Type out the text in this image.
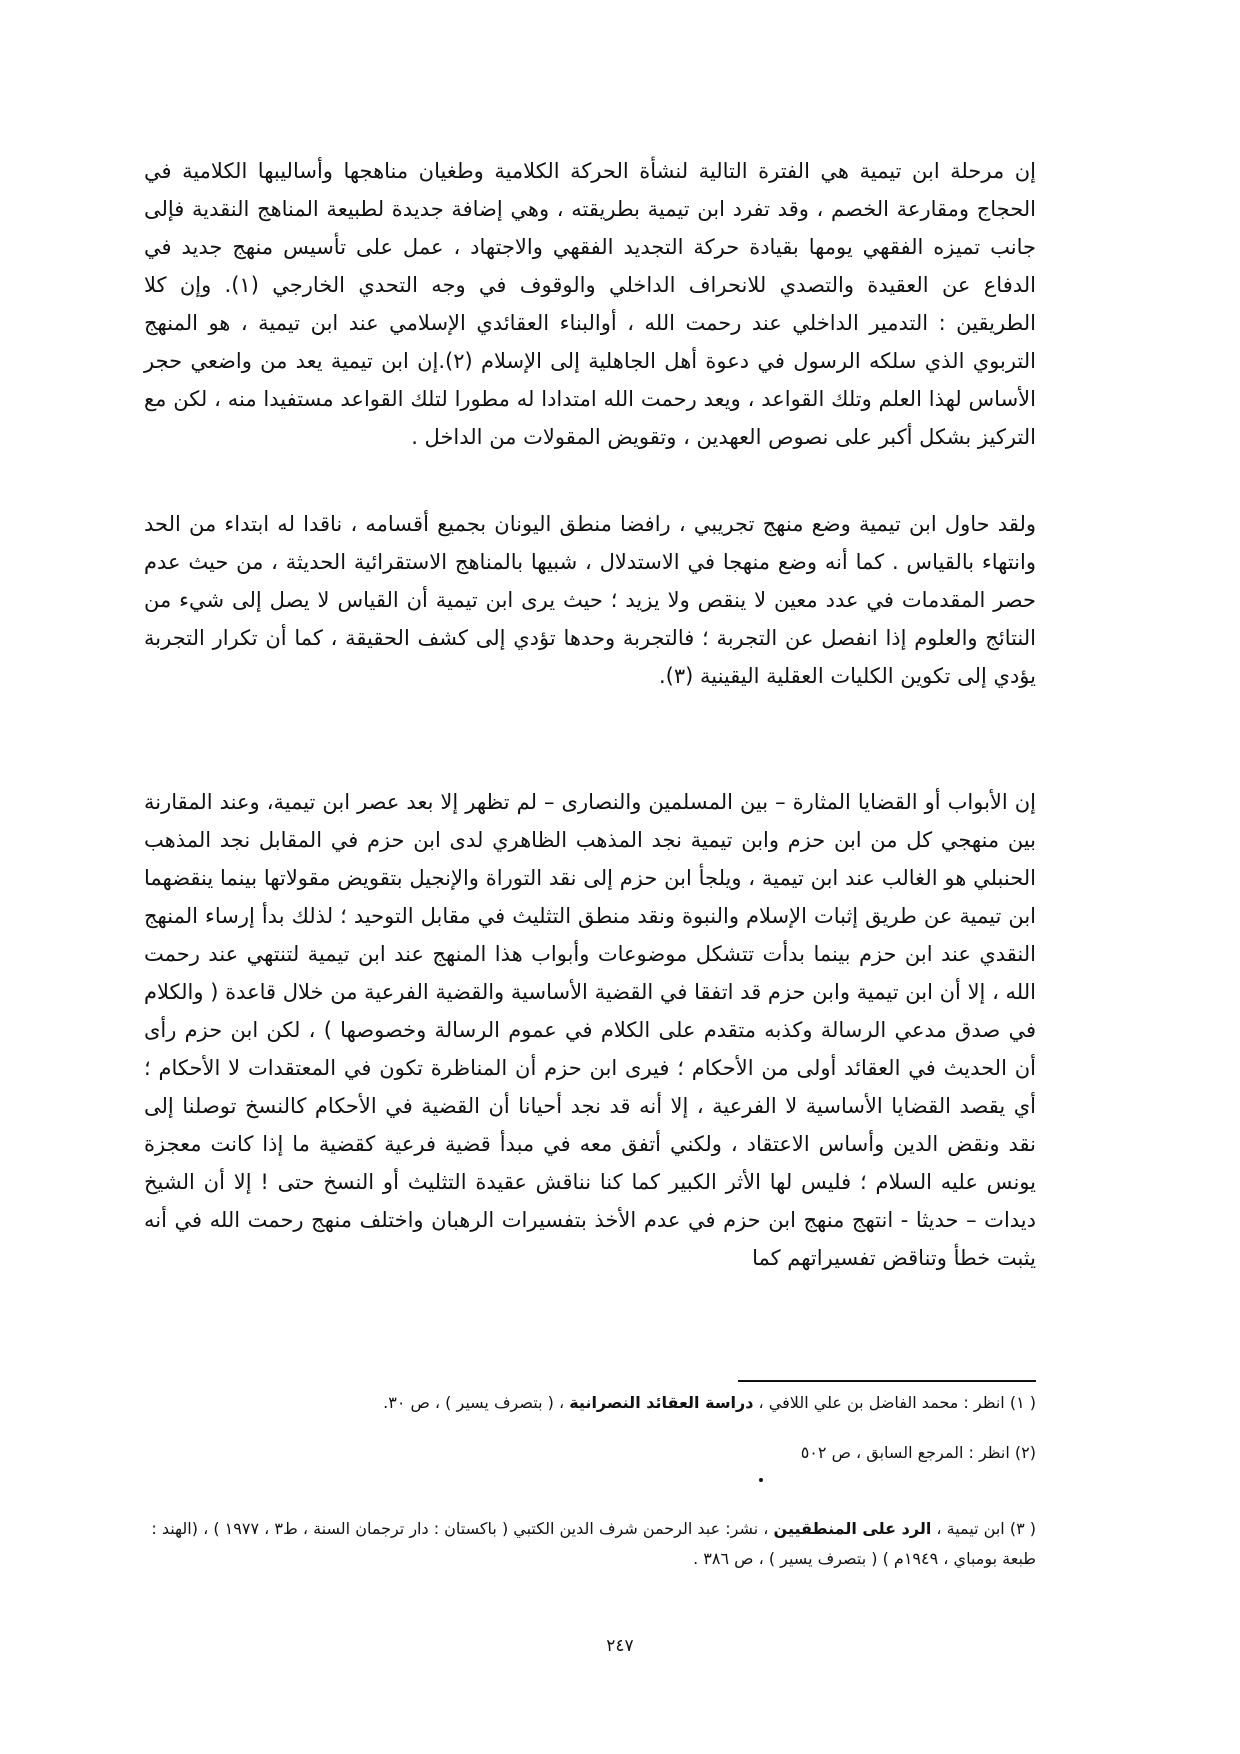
إن مرحلة ابن تيمية هي الفترة التالية لنشأة الحركة الكلامية وطغيان مناهجها وأساليبها الكلامية في الحجاج ومقارعة الخصم ، وقد تفرد ابن تيمية بطريقته ، وهي إضافة جديدة لطبيعة المناهج النقدية فإلى جانب تميزه الفقهي يومها بقيادة حركة التجديد الفقهي والاجتهاد ، عمل على تأسيس منهج جديد في الدفاع عن العقيدة والتصدي للانحراف الداخلي والوقوف في وجه التحدي الخارجي (١). وإن كلا الطريقين : التدمير الداخلي عند رحمت الله ، أوالبناء العقائدي الإسلامي عند ابن تيمية ، هو المنهج التربوي الذي سلكه الرسول في دعوة أهل الجاهلية إلى الإسلام (٢).إن ابن تيمية يعد من واضعي حجر الأساس لهذا العلم وتلك القواعد ، ويعد رحمت الله امتدادا له مطورا لتلك القواعد مستفيدا منه ، لكن مع التركيز بشكل أكبر على نصوص العهدين ، وتقويض المقولات من الداخل .

ولقد حاول ابن تيمية وضع منهج تجريبي ، رافضا منطق اليونان بجميع أقسامه ، ناقدا له ابتداء من الحد وانتهاء بالقياس . كما أنه وضع منهجا في الاستدلال ، شبيها بالمناهج الاستقرائية الحديثة ، من حيث عدم حصر المقدمات في عدد معين لا ينقص ولا يزيد ؛ حيث يرى ابن تيمية أن القياس لا يصل إلى شيء من النتائج والعلوم إذا انفصل عن التجربة ؛ فالتجربة وحدها تؤدي إلى كشف الحقيقة ، كما أن تكرار التجربة يؤدي إلى تكوين الكليات العقلية اليقينية (٣).

إن الأبواب أو القضايا المثارة – بين المسلمين والنصارى – لم تظهر إلا بعد عصر ابن تيمية، وعند المقارنة بين منهجي كل من ابن حزم وابن تيمية نجد المذهب الظاهري لدى ابن حزم في المقابل نجد المذهب الحنبلي هو الغالب عند ابن تيمية ، ويلجأ ابن حزم إلى نقد التوراة والإنجيل بتقويض مقولاتها بينما ينقضهما ابن تيمية عن طريق إثبات الإسلام والنبوة ونقد منطق التثليث في مقابل التوحيد ؛ لذلك بدأ إرساء المنهج النقدي عند ابن حزم بينما بدأت تتشكل موضوعات وأبواب هذا المنهج عند ابن تيمية لتنتهي عند رحمت الله ، إلا أن ابن تيمية وابن حزم قد اتفقا في القضية الأساسية والقضية الفرعية من خلال قاعدة ( والكلام في صدق مدعي الرسالة وكذبه متقدم على الكلام في عموم الرسالة وخصوصها ) ، لكن ابن حزم رأى أن الحديث في العقائد أولى من الأحكام ؛ فيرى ابن حزم أن المناظرة تكون في المعتقدات لا الأحكام ؛ أي يقصد القضايا الأساسية لا الفرعية ، إلا أنه قد نجد أحيانا أن القضية في الأحكام كالنسخ توصلنا إلى نقد ونقض الدين وأساس الاعتقاد ، ولكني أتفق معه في مبدأ قضية فرعية كقضية ما إذا كانت معجزة يونس عليه السلام ؛ فليس لها الأثر الكبير كما كنا نناقش عقيدة التثليث أو النسخ حتى ! إلا أن الشيخ ديدات – حديثا - انتهج منهج ابن حزم في عدم الأخذ بتفسيرات الرهبان واختلف منهج رحمت الله في أنه يثبت خطأ وتناقض تفسيراتهم كما

( ١) انظر : محمد الفاضل بن علي اللافي ، دراسة العقائد النصرانية ، ( بتصرف يسير ) ، ص ٣٠.

(٢) انظر : المرجع السابق ، ص ٥٠٢

( ٣) ابن تيمية ، الرد على المنطقيين ، نشر: عبد الرحمن شرف الدين الكتبي ( باكستان : دار ترجمان السنة ، ط٣ ، ١٩٧٧ ) ، (الهند : طبعة بومباي ، ١٩٤٩م ) ( بتصرف يسير ) ، ص ٣٨٦ .

٢٤٧
